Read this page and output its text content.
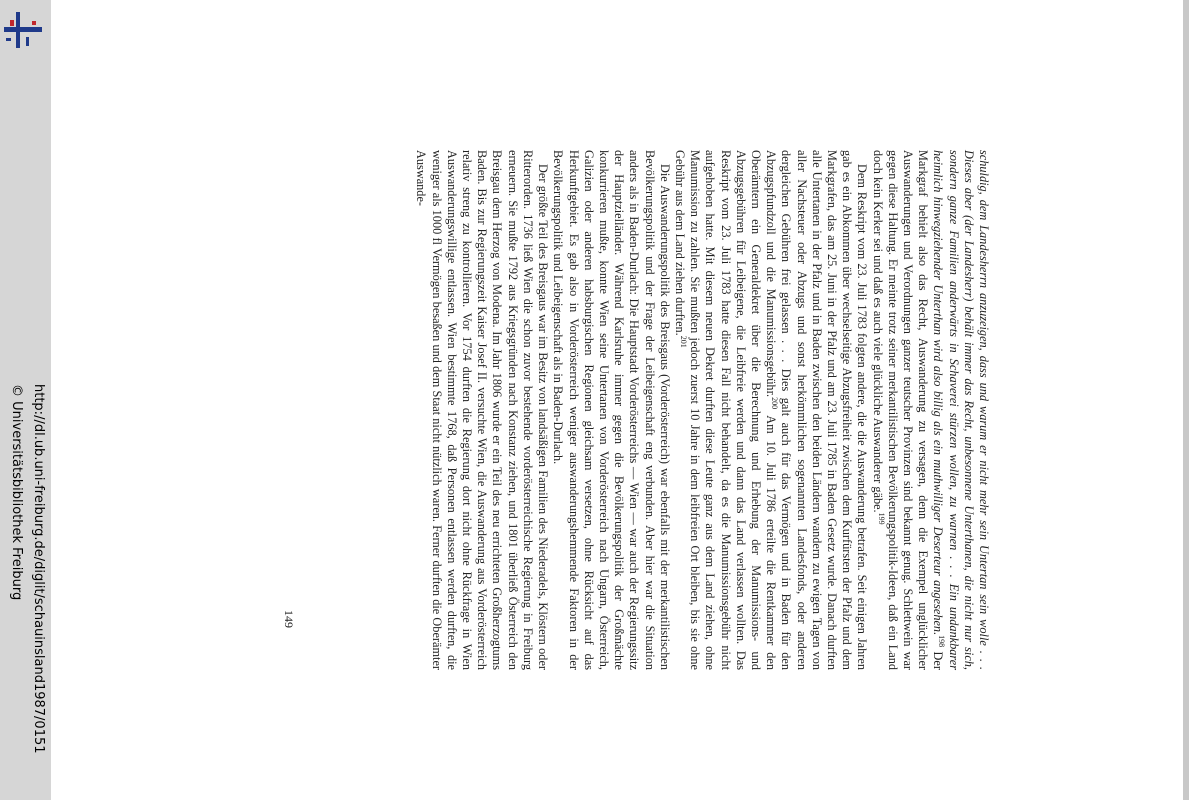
http://dl.ub.uni-freiburg.de/diglit/schauinsland1987/0151
© Universitätsbibliothek Freiburg	schuldig, dem Landesherrn anzuzeigen, dass und warum er nicht mehr sein Untertan sein wolle . . . Dieses aber (der Landesherr) behält immer das Recht, unbesonnene Unterthanen, die nicht nur sich, sondern ganze Familien anderwärts in Schaverei stürzen wollen, zu warnen . . . Ein undankbarer heimlich hinwegziehender Unterthan wird also billig als ein muthwilliger Deserteur angesehen.$^{198}$ Der Markgraf behielt also das Recht, Auswanderung zu versagen, denn die Exempel unglücklicher Auswanderungen und Verordnungen ganzer teutscher Provinzen sind bekannt genug. Schlettwein war gegen diese Haltung. Er meinte trotz seiner merkantilistischen Bevölkerungspolitik-Ideen, daß ein Land doch kein Kerker sei und daß es auch viele glückliche Auswanderer gäbe.$^{199}$

Dem Reskript vom 23. Juli 1783 folgten andere, die die Auswanderung betrafen. Seit einigen Jahren gab es ein Abkommen über wechselseitige Abzugsfreiheit zwischen dem Kurfürsten der Pfalz und dem Markgrafen, das am 25. Juni in der Pfalz und am 23. Juli 1785 in Baden Gesetz wurde. Danach durften alle Untertanen in der Pfalz und in Baden zwischen den beiden Ländern wandern zu ewigen Tagen von aller Nachsteuer oder Abzugs und sonst herkömmlichen sogenannten Landesfonds, oder anderen dergleichen Gebühren frei gelassen . . . Dies galt auch für das Vermögen und in Baden für den Abzugspfundzoll und die Manumissionsgebühr.$^{200}$ Am 10. Juli 1786 erteilte die Rentkammer den Oberämtern ein Generaldekret über die Berechnung und Erhebung der Manumissions- und Abzugsgebühren für Leibeigene, die Leibfreie werden und dann das Land verlassen wollten. Das Reskript vom 23. Juli 1783 hatte diesen Fall nicht behandelt, da es die Manumissionsgebühr nicht aufgehoben hatte. Mit diesem neuen Dekret durften diese Leute ganz aus dem Land ziehen, ohne Manumission zu zahlen. Sie mußten jedoch zuerst 10 Jahre in dem leibfreien Ort bleiben, bis sie ohne Gebühr aus dem Land ziehen durften.$^{201}$

Die Auswanderungspolitik des Breisgaus (Vorderösterreich) war ebenfalls mit der merkantilistischen Bevölkerungspolitik und der Frage der Leibeigenschaft eng verbunden. Aber hier war die Situation anders als in Baden-Durlach: Die Hauptstadt Vorderösterreichs — Wien — war auch der Regierungssitz der Hauptzielländer. Während Karlsruhe immer gegen die Bevölkerungspolitik der Großmächte konkurrieren mußte, konnte Wien seine Untertanen von Vorderösterreich nach Ungarn, Österreich, Galizien oder anderen habsburgischen Regionen gleichsam versetzen, ohne Rücksicht auf das Herkunftgebiet. Es gab also in Vorderösterreich weniger auswanderungshemmende Faktoren in der Bevölkerungspolitik und Leibeigenschaft als in Baden-Durlach.

Der größte Teil des Breisgaus war im Besitz von landsäßigen Familien des Niederadels, Klöstern oder Ritterorden. 1736 ließ Wien die schon zuvor bestehende vorderösterreichische Regierung in Freiburg erneuern. Sie mußte 1792 aus Kriegsgründen nach Konstanz ziehen, und 1801 überließ Österreich den Breisgau dem Herzog von Modena. Im Jahr 1806 wurde er ein Teil des neu errichteten Großherzogtums Baden. Bis zur Regierungszeit Kaiser Josef II. versuchte Wien, die Auswanderung aus Vorderösterreich relativ streng zu kontrollieren. Vor 1754 durften die Regierung dort nicht ohne Rückfrage in Wien Auswanderungswillige entlassen. Wien bestimmte 1768, daß Personen entlassen werden durften, die weniger als 1000 fl Vermögen besaßen und dem Staat nicht nützlich waren. Ferner durften die Oberämter Auswande-

149
